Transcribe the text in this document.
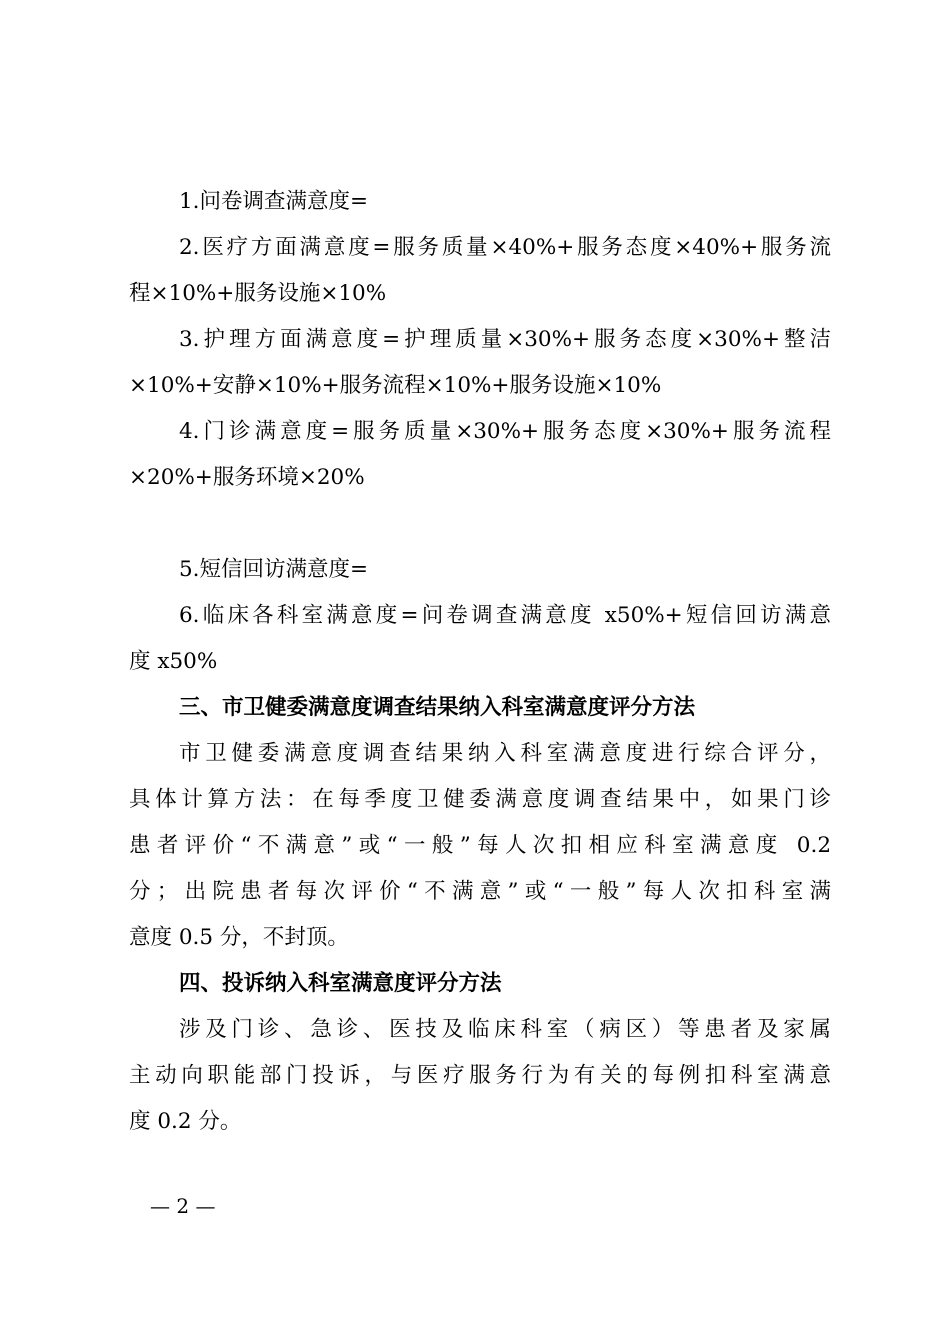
1.问卷调查满意度=
2.医疗方面满意度=服务质量×40%+服务态度×40%+服务流
程×10%+服务设施×10%
3.护理方面满意度=护理质量×30%+服务态度×30%+整洁
×10%+安静×10%+服务流程×10%+服务设施×10%
4.门诊满意度=服务质量×30%+服务态度×30%+服务流程
×20%+服务环境×20%
5.短信回访满意度=
6.临床各科室满意度=问卷调查满意度 x50%+短信回访满意
度 x50%
三、市卫健委满意度调查结果纳入科室满意度评分方法
市卫健委满意度调查结果纳入科室满意度进行综合评分，
具体计算方法：在每季度卫健委满意度调查结果中，如果门诊
患者评价“不满意”或“一般”每人次扣相应科室满意度 0.2
分；出院患者每次评价“不满意”或“一般”每人次扣科室满
意度 0.5 分，不封顶。
四、投诉纳入科室满意度评分方法
涉及门诊、急诊、医技及临床科室（病区）等患者及家属
主动向职能部门投诉，与医疗服务行为有关的每例扣科室满意
度 0.2 分。
— 2 —
